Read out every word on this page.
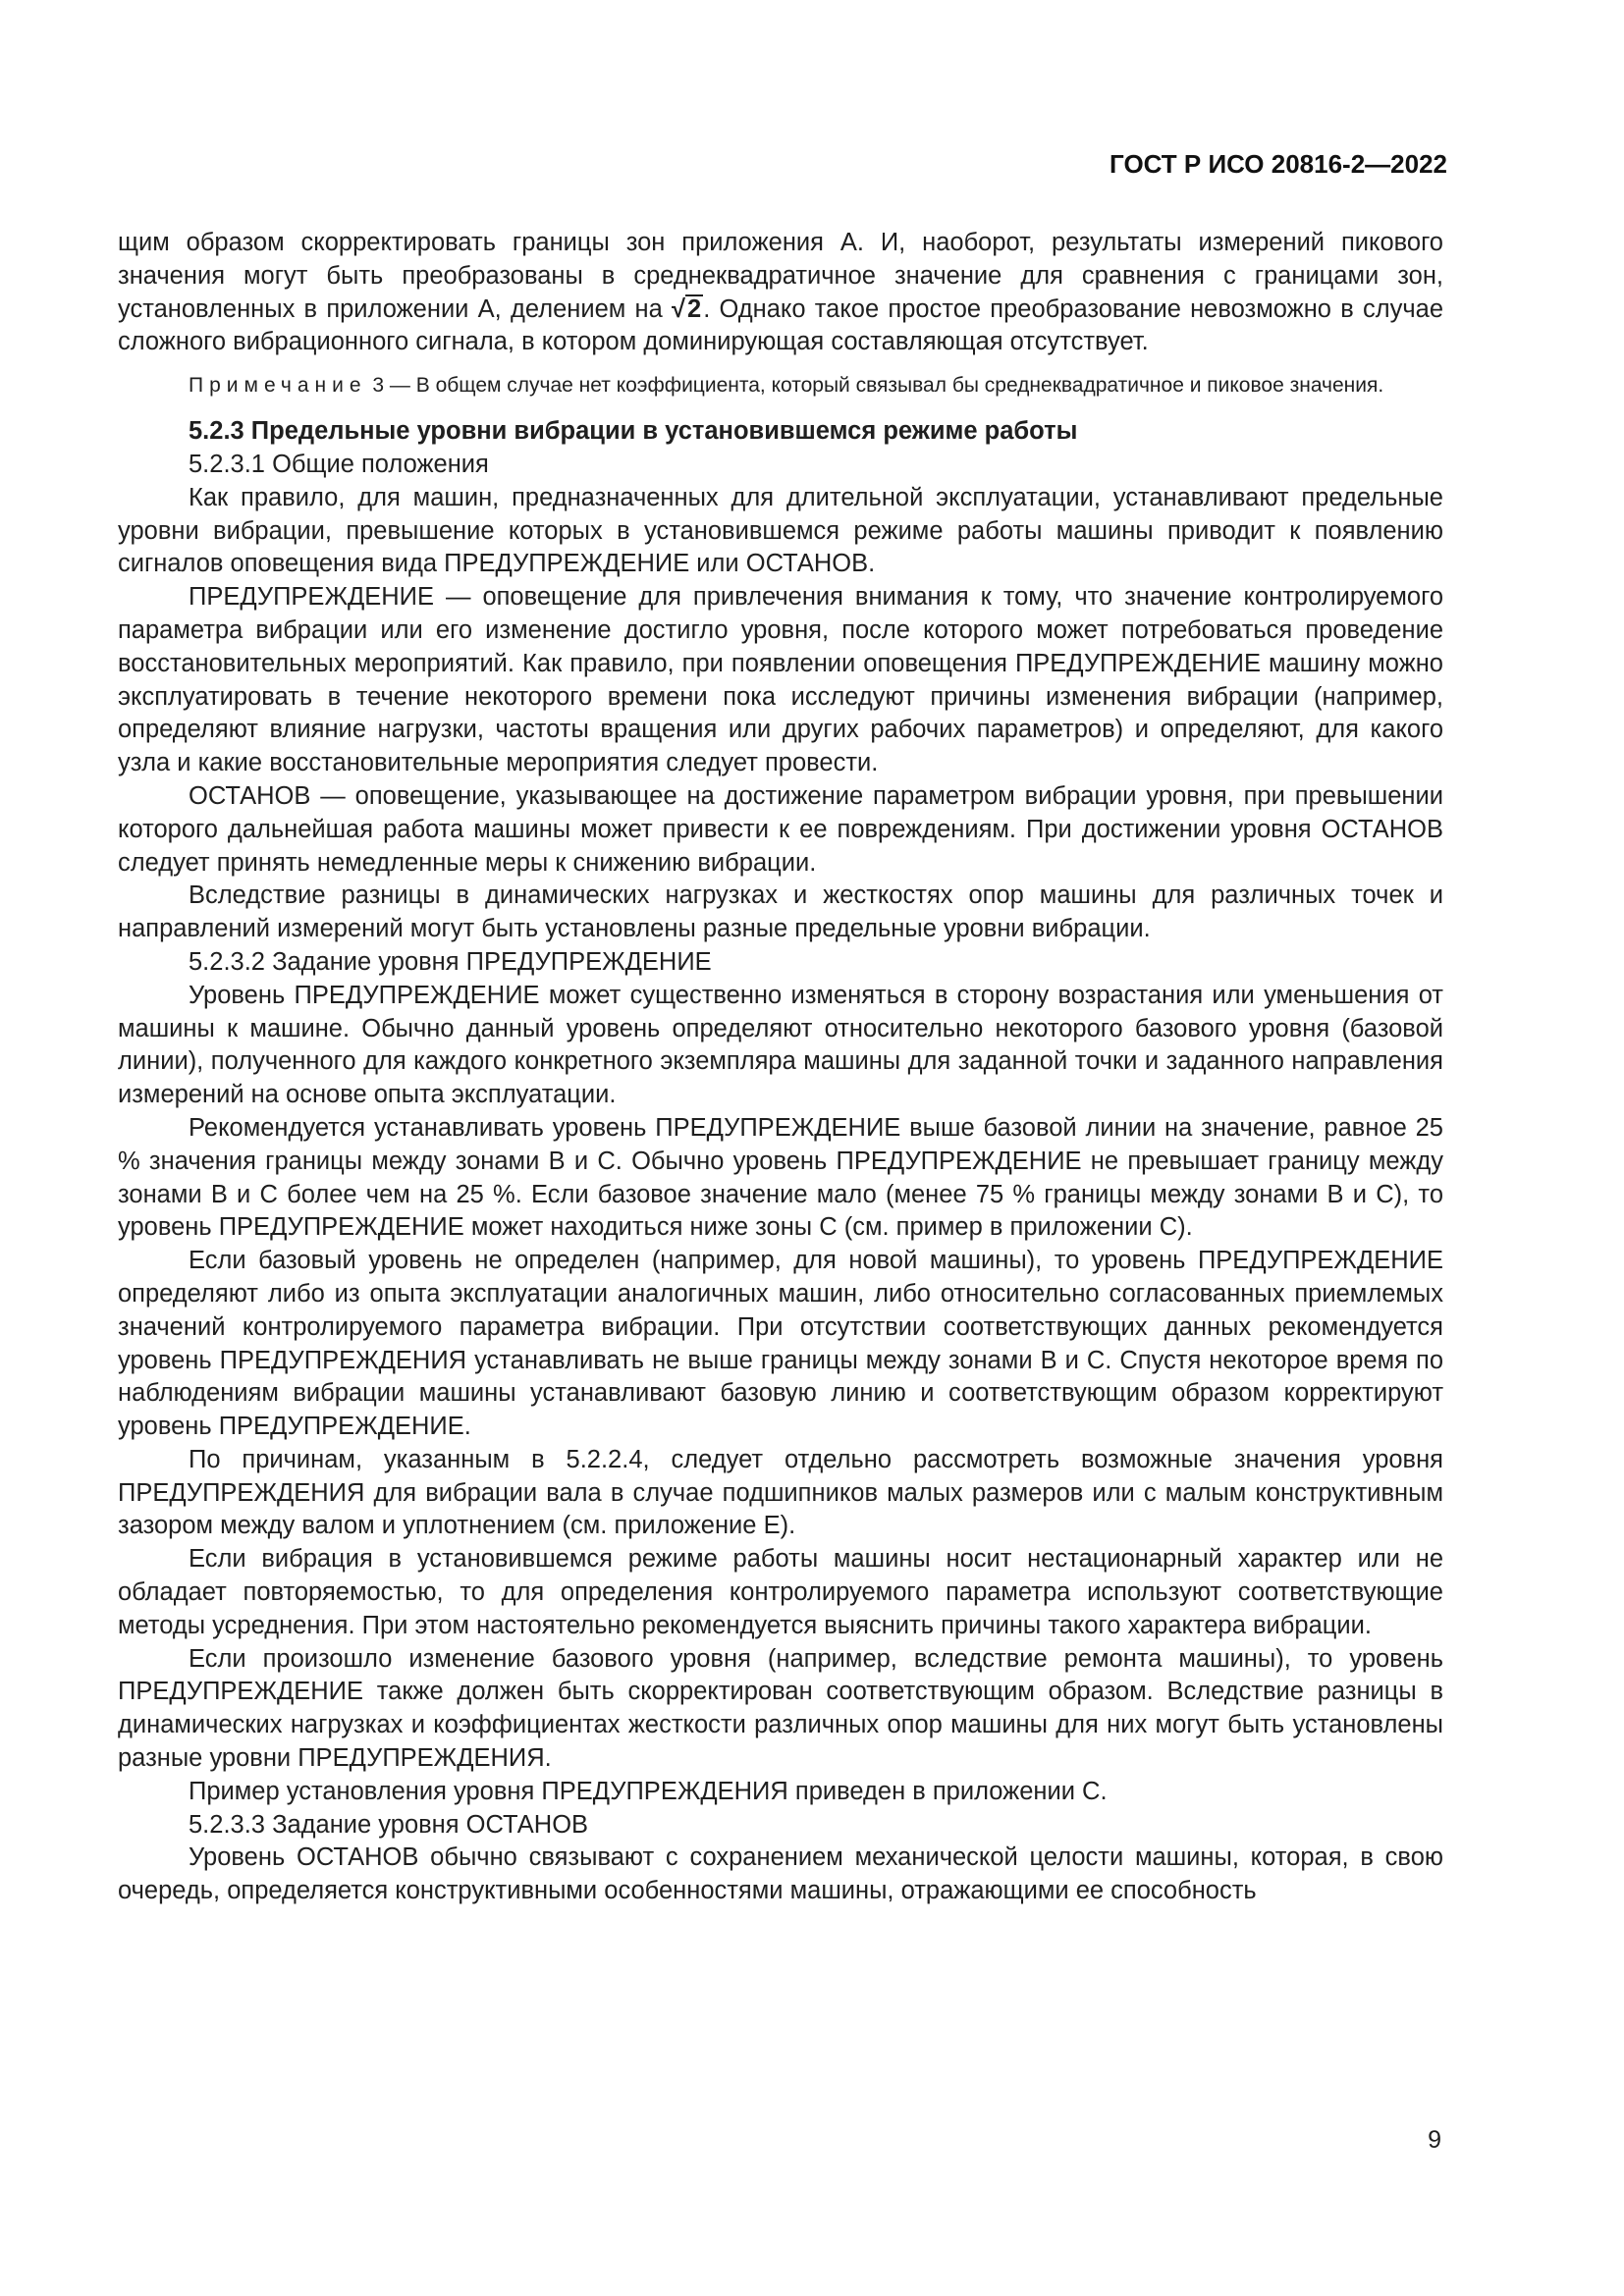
ГОСТ Р ИСО 20816-2—2022

щим образом скорректировать границы зон приложения А. И, наоборот, результаты измерений пикового значения могут быть преобразованы в среднеквадратичное значение для сравнения с границами зон, установленных в приложении А, делением на √2. Однако такое простое преобразование невозможно в случае сложного вибрационного сигнала, в котором доминирующая составляющая отсутствует.

Примечание 3 — В общем случае нет коэффициента, который связывал бы среднеквадратичное и пиковое значения.

5.2.3 Предельные уровни вибрации в установившемся режиме работы

5.2.3.1 Общие положения

Как правило, для машин, предназначенных для длительной эксплуатации, устанавливают предельные уровни вибрации, превышение которых в установившемся режиме работы машины приводит к появлению сигналов оповещения вида ПРЕДУПРЕЖДЕНИЕ или ОСТАНОВ.

ПРЕДУПРЕЖДЕНИЕ — оповещение для привлечения внимания к тому, что значение контролируемого параметра вибрации или его изменение достигло уровня, после которого может потребоваться проведение восстановительных мероприятий. Как правило, при появлении оповещения ПРЕДУПРЕЖДЕНИЕ машину можно эксплуатировать в течение некоторого времени пока исследуют причины изменения вибрации (например, определяют влияние нагрузки, частоты вращения или других рабочих параметров) и определяют, для какого узла и какие восстановительные мероприятия следует провести.

ОСТАНОВ — оповещение, указывающее на достижение параметром вибрации уровня, при превышении которого дальнейшая работа машины может привести к ее повреждениям. При достижении уровня ОСТАНОВ следует принять немедленные меры к снижению вибрации.

Вследствие разницы в динамических нагрузках и жесткостях опор машины для различных точек и направлений измерений могут быть установлены разные предельные уровни вибрации.

5.2.3.2 Задание уровня ПРЕДУПРЕЖДЕНИЕ

Уровень ПРЕДУПРЕЖДЕНИЕ может существенно изменяться в сторону возрастания или уменьшения от машины к машине. Обычно данный уровень определяют относительно некоторого базового уровня (базовой линии), полученного для каждого конкретного экземпляра машины для заданной точки и заданного направления измерений на основе опыта эксплуатации.

Рекомендуется устанавливать уровень ПРЕДУПРЕЖДЕНИЕ выше базовой линии на значение, равное 25 % значения границы между зонами В и С. Обычно уровень ПРЕДУПРЕЖДЕНИЕ не превышает границу между зонами В и С более чем на 25 %. Если базовое значение мало (менее 75 % границы между зонами В и С), то уровень ПРЕДУПРЕЖДЕНИЕ может находиться ниже зоны С (см. пример в приложении С).

Если базовый уровень не определен (например, для новой машины), то уровень ПРЕДУПРЕЖДЕНИЕ определяют либо из опыта эксплуатации аналогичных машин, либо относительно согласованных приемлемых значений контролируемого параметра вибрации. При отсутствии соответствующих данных рекомендуется уровень ПРЕДУПРЕЖДЕНИЯ устанавливать не выше границы между зонами В и С. Спустя некоторое время по наблюдениям вибрации машины устанавливают базовую линию и соответствующим образом корректируют уровень ПРЕДУПРЕЖДЕНИЕ.

По причинам, указанным в 5.2.2.4, следует отдельно рассмотреть возможные значения уровня ПРЕДУПРЕЖДЕНИЯ для вибрации вала в случае подшипников малых размеров или с малым конструктивным зазором между валом и уплотнением (см. приложение Е).

Если вибрация в установившемся режиме работы машины носит нестационарный характер или не обладает повторяемостью, то для определения контролируемого параметра используют соответствующие методы усреднения. При этом настоятельно рекомендуется выяснить причины такого характера вибрации.

Если произошло изменение базового уровня (например, вследствие ремонта машины), то уровень ПРЕДУПРЕЖДЕНИЕ также должен быть скорректирован соответствующим образом. Вследствие разницы в динамических нагрузках и коэффициентах жесткости различных опор машины для них могут быть установлены разные уровни ПРЕДУПРЕЖДЕНИЯ.

Пример установления уровня ПРЕДУПРЕЖДЕНИЯ приведен в приложении С.

5.2.3.3 Задание уровня ОСТАНОВ

Уровень ОСТАНОВ обычно связывают с сохранением механической целости машины, которая, в свою очередь, определяется конструктивными особенностями машины, отражающими ее способность

9
